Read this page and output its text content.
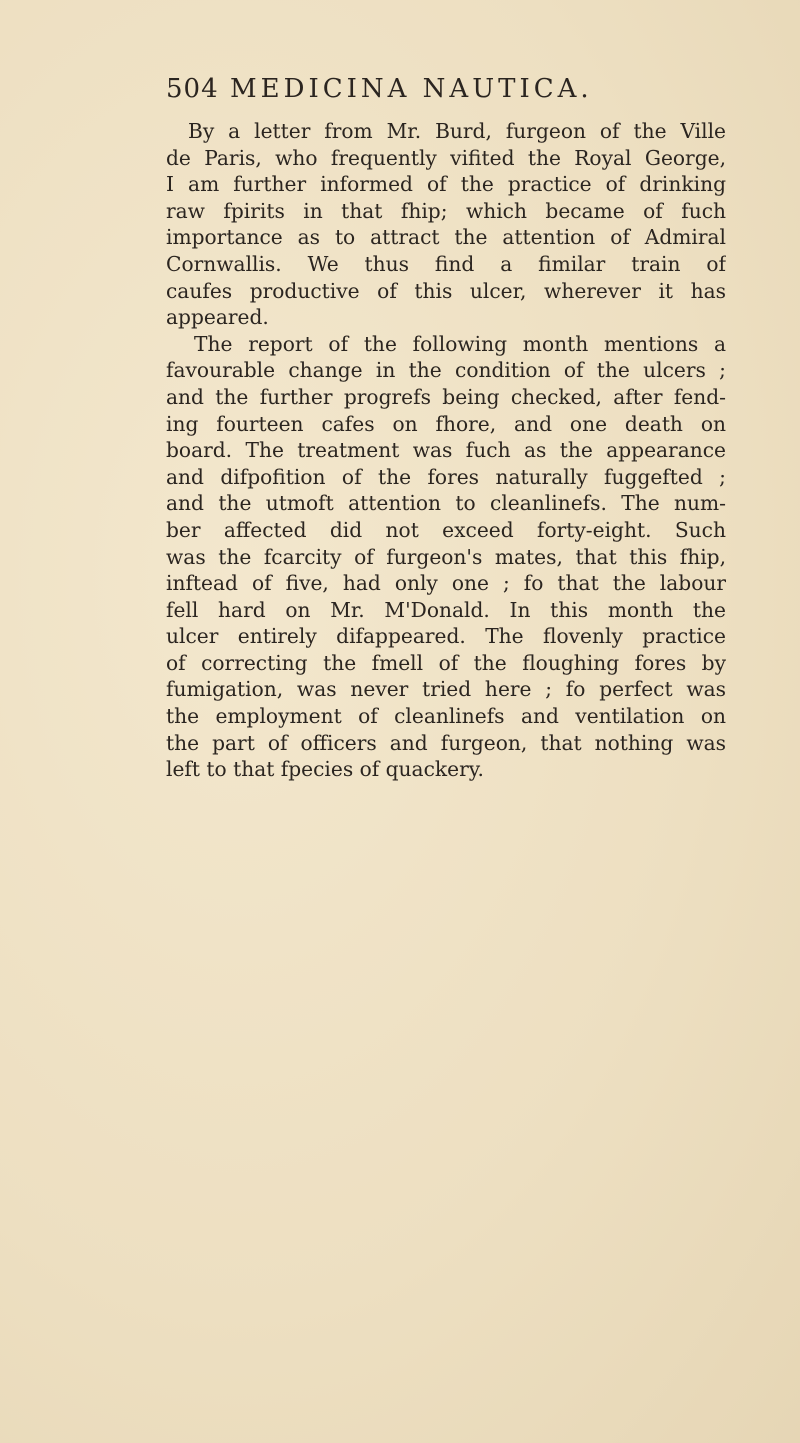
504 MEDICINA NAUTICA.
By a letter from Mr. Burd, furgeon of the Ville
de Paris, who frequently vifited the Royal George,
I am further informed of the practice of drinking
raw fpirits in that fhip; which became of fuch
importance as to attract the attention of Admiral
Cornwallis. We thus find a fimilar train of
caufes productive of this ulcer, wherever it has
appeared.
The report of the following month mentions a
favourable change in the condition of the ulcers ;
and the further progrefs being checked, after fend-
ing fourteen cafes on fhore, and one death on
board. The treatment was fuch as the appearance
and difpofition of the fores naturally fuggefted ;
and the utmoft attention to cleanlinefs. The num-
ber affected did not exceed forty-eight. Such
was the fcarcity of furgeon's mates, that this fhip,
inftead of five, had only one ; fo that the labour
fell hard on Mr. M'Donald. In this month the
ulcer entirely difappeared. The flovenly practice
of correcting the fmell of the floughing fores by
fumigation, was never tried here ; fo perfect was
the employment of cleanlinefs and ventilation on
the part of officers and furgeon, that nothing was
left to that fpecies of quackery.
